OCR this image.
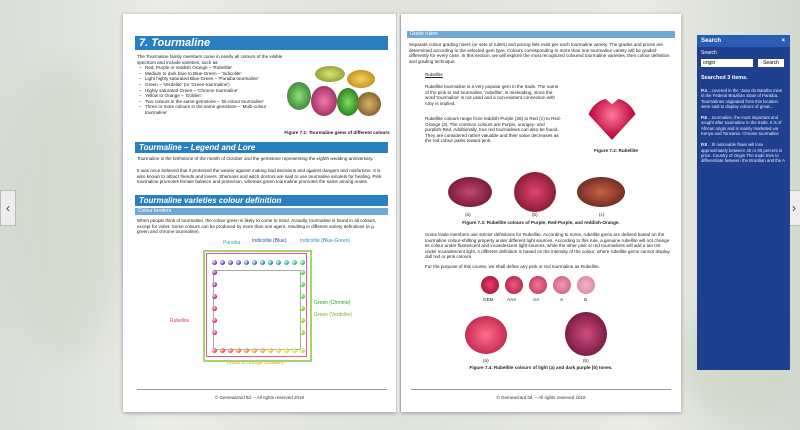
‹	›
7. Tourmaline
The Tourmaline family members come in nearly all colours of the visible spectrum and include varieties, such as:
– Red, Purple or reddish Orange – 'Rubellite'
– Medium to dark blue to Blue-Green – 'Indicolite'
– Light highly saturated Blue-Green – 'Paraiba tourmaline'
– Green – 'Verdelite' (or 'Green-tourmaline')
– Highly saturated Green – 'Chrome tourmaline'
– Yellow to Orange – 'Golden'
– Two colours in the same gemstone – 'Bi-colour tourmaline'
– Three or more colours in the same gemstone – 'Multi-colour tourmaline'
Figure 7.1: Tourmaline gems of different colours
Tourmaline – Legend and Lore
Tourmaline is the birthstone of the month of October and the gemstone representing the eighth wedding anniversary.
It was once believed that it protected the wearer against making bad decisions and against dangers and misfortune. It is also known to attract friends and lovers. Shamans and witch doctors are said to use tourmaline amulets for healing. Pink tourmaline promotes female balance and protection, whereas green tourmaline promotes the same among males.
Tourmaline varieties colour definition
Colour borders
When people think of tourmaline, the colour green is likely to come to mind. Actually, tourmaline is found in all colours, except for violet. Some colours can be produced by more than one agent, resulting in different variety definitions (e.g. green and chrome tourmaline).
Paraiba Indicolite (Blue)	Indicolite (Blue-Green)
Green (Chrome)
Green (Verdelite)
Rubellite
Yellow to orange (Golden)
© Gemewizard ltd. – All rights reserved 2018
Grade rulers
Separate colour grading rulers (or sets of rulers) and pricing lists exist per each tourmaline variety. The grades and prices are determined according to the selected gem type. Colours corresponding to more than one tourmaline variety will be graded differently for every case. In this section, we will explore the most recognized coloured tourmaline varieties, their colour definition and grading technique.
Rubellite
Rubellite tourmaline is a very popular gem in the trade. The name of the pink to red tourmaline, 'rubellite', is misleading, since the word 'tourmaline' is not used and a non-existent connection with ruby is implied.
Rubellite colours range from reddish-Purple (28) to Red (1) to Red-Orange (3). The common colours are Purple, orangey- and purplish-Red. Additionally, true red tourmalines can also be found. They are considered rather valuable and their value decreases as the red colour pales toward pink.
Figure 7.2: Rubellite
(a)	(b)	(c)
Figure 7.3: Rubellite colours of Purple, Red-Purple, and reddish-Orange.
Some trade members use stricter definitions for Rubellite. According to some, rubellite gems are defined based on the tourmaline colour-shifting property under different light sources. According to this rule, a genuine rubellite will not change its colour under fluorescent and incandescent light sources, while the other pink or red tourmalines will add a tan tint under incandescent light. A different definition is based on the intensity of the colour, where rubellite gems cannot display dull red or pink colours.
For the purpose of this course, we shall define any pink or red tourmaline as Rubellite.
GEM	AAA	AA	A	B
(a)	(b)
Figure 7.4: Rubellite colours of light (a) and dark purple (b) tones.
© Gemewizard ltd. – All rights reserved 2018
Search	×
Search
origin
Search
Searched 3 items.
P.4 ...covered in the 'Joao do Batalha mine in the Federal Brazilian State of Paraiba. Tourmalines originated from this location were said to display colours of great...
P.6 ...tourmaline, the most important and sought after tourmaline in the trade. It is of African origin and is mainly marketed via Kenya and Tanzania. Chrome tourmaline
P.8 ...th noticeable flaws will lose approximately between 40 or 80 percent in price. Country of Origin The trade tries to differentiate between the Brazilian and the A
